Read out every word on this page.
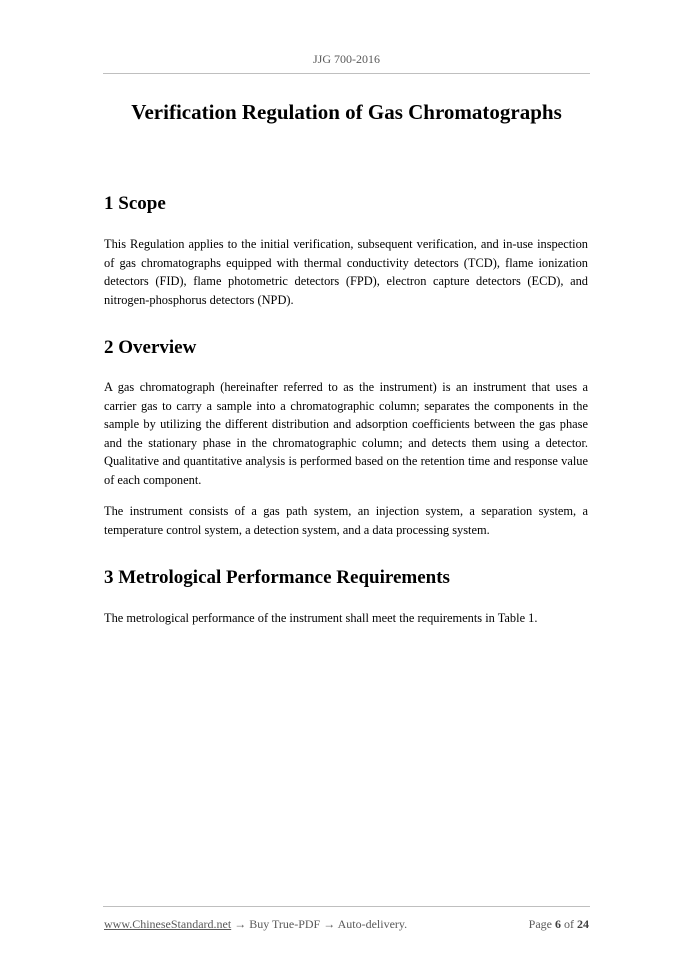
JJG 700-2016
Verification Regulation of Gas Chromatographs
1 Scope
This Regulation applies to the initial verification, subsequent verification, and in-use inspection of gas chromatographs equipped with thermal conductivity detectors (TCD), flame ionization detectors (FID), flame photometric detectors (FPD), electron capture detectors (ECD), and nitrogen-phosphorus detectors (NPD).
2 Overview
A gas chromatograph (hereinafter referred to as the instrument) is an instrument that uses a carrier gas to carry a sample into a chromatographic column; separates the components in the sample by utilizing the different distribution and adsorption coefficients between the gas phase and the stationary phase in the chromatographic column; and detects them using a detector. Qualitative and quantitative analysis is performed based on the retention time and response value of each component.
The instrument consists of a gas path system, an injection system, a separation system, a temperature control system, a detection system, and a data processing system.
3 Metrological Performance Requirements
The metrological performance of the instrument shall meet the requirements in Table 1.
www.ChineseStandard.net → Buy True-PDF → Auto-delivery.	Page 6 of 24
